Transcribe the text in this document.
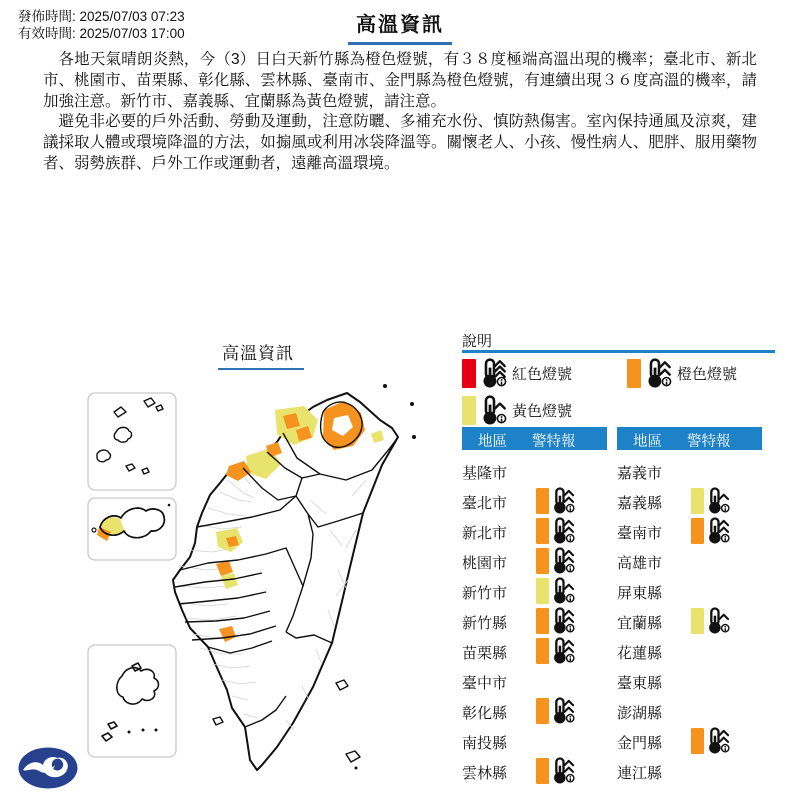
發佈時間: 2025/07/03 07:23
有效時間: 2025/07/03 17:00	高溫資訊

各地天氣晴朗炎熱，今（3）日白天新竹縣為橙色燈號，有３８度極端高溫出現的機率；臺北市、新北市、桃園市、苗栗縣、彰化縣、雲林縣、臺南市、金門縣為橙色燈號，有連續出現３６度高溫的機率，請加強注意。新竹市、嘉義縣、宜蘭縣為黃色燈號，請注意。

避免非必要的戶外活動、勞動及運動，注意防曬、多補充水份、慎防熱傷害。室內保持通風及涼爽，建議採取人體或環境降溫的方法，如搧風或利用冰袋降溫等。關懷老人、小孩、慢性病人、肥胖、服用藥物者、弱勢族群、戶外工作或運動者，遠離高溫環境。

高溫資訊
說明
紅色燈號	橙色燈號
黃色燈號
地區 警特報
基隆市
臺北市
新北市
桃園市
新竹市
新竹縣
苗栗縣
臺中市
彰化縣
南投縣
雲林縣
地區 警特報
嘉義市
嘉義縣
臺南市
高雄市
屏東縣
宜蘭縣
花蓮縣
臺東縣
澎湖縣
金門縣
連江縣
